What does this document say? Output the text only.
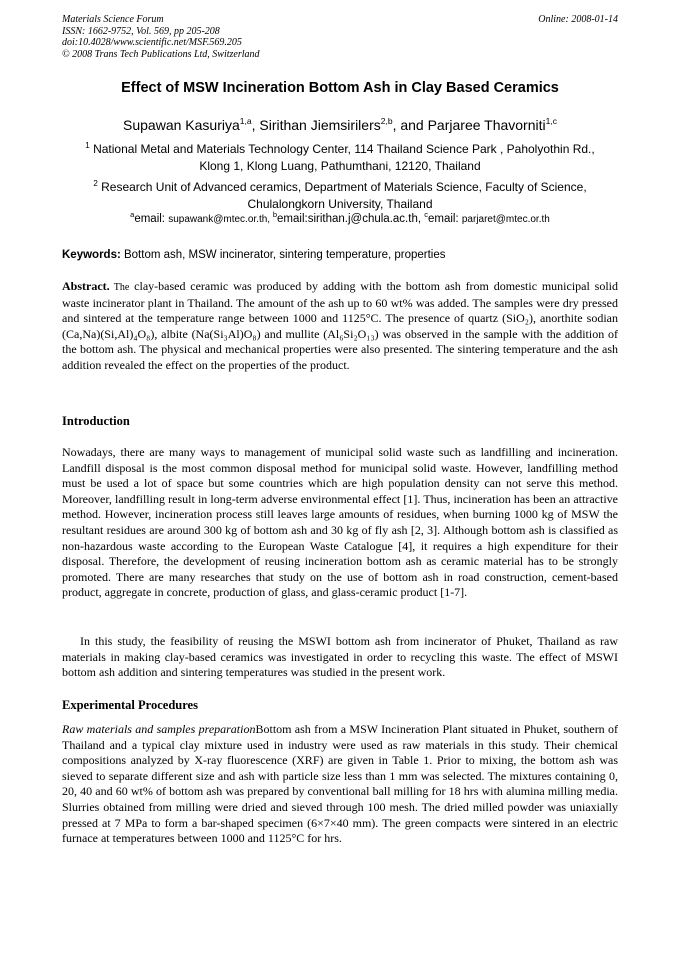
Materials Science Forum
ISSN: 1662-9752, Vol. 569, pp 205-208
doi:10.4028/www.scientific.net/MSF.569.205
© 2008 Trans Tech Publications Ltd, Switzerland
Online: 2008-01-14
Effect of MSW Incineration Bottom Ash in Clay Based Ceramics
Supawan Kasuriya$^{1,a}$, Sirithan Jiemsirilers$^{2,b}$, and Parjaree Thavorniti$^{1,c}$
$^1$ National Metal and Materials Technology Center, 114 Thailand Science Park , Paholyothin Rd.,
Klong 1, Klong Luang, Pathumthani, 12120, Thailand
$^2$ Research Unit of Advanced ceramics, Department of Materials Science, Faculty of Science,
Chulalongkorn University, Thailand
$^a$email: supawank@mtec.or.th, $^b$email:sirithan.j@chula.ac.th, $^c$email: parjaret@mtec.or.th
Keywords: Bottom ash, MSW incinerator, sintering temperature, properties
Abstract. The clay-based ceramic was produced by adding with the bottom ash from domestic municipal solid waste incinerator plant in Thailand. The amount of the ash up to 60 wt% was added. The samples were dry pressed and sintered at the temperature range between 1000 and 1125°C. The presence of quartz (SiO₂), anorthite sodian (Ca,Na)(Si,Al)₄O₈), albite (Na(Si₃Al)O₈) and mullite (Al₆Si₂O₁₃) was observed in the sample with the addition of the bottom ash. The physical and mechanical properties were also presented. The sintering temperature and the ash addition revealed the effect on the properties of the product.
Introduction
Nowadays, there are many ways to management of municipal solid waste such as landfilling and incineration. Landfill disposal is the most common disposal method for municipal solid waste. However, landfilling method must be used a lot of space but some countries which are high population density can not serve this method. Moreover, landfilling result in long-term adverse environmental effect [1]. Thus, incineration has been an attractive method. However, incineration process still leaves large amounts of residues, when burning 1000 kg of MSW the resultant residues are around 300 kg of bottom ash and 30 kg of fly ash [2, 3]. Although bottom ash is classified as non-hazardous waste according to the European Waste Catalogue [4], it requires a high expenditure for their disposal. Therefore, the development of reusing incineration bottom ash as ceramic material has to be strongly promoted. There are many researches that study on the use of bottom ash in road construction, cement-based product, aggregate in concrete, production of glass, and glass-ceramic product [1-7].
In this study, the feasibility of reusing the MSWI bottom ash from incinerator of Phuket, Thailand as raw materials in making clay-based ceramics was investigated in order to recycling this waste. The effect of MSWI bottom ash addition and sintering temperatures was studied in the present work.
Experimental Procedures
Raw materials and samples preparationBottom ash from a MSW Incineration Plant situated in Phuket, southern of Thailand and a typical clay mixture used in industry were used as raw materials in this study. Their chemical compositions analyzed by X-ray fluorescence (XRF) are given in Table 1. Prior to mixing, the bottom ash was sieved to separate different size and ash with particle size less than 1 mm was selected. The mixtures containing 0, 20, 40 and 60 wt% of bottom ash was prepared by conventional ball milling for 18 hrs with alumina milling media. Slurries obtained from milling were dried and sieved through 100 mesh. The dried milled powder was uniaxially pressed at 7 MPa to form a bar-shaped specimen (6×7×40 mm). The green compacts were sintered in an electric furnace at temperatures between 1000 and 1125°C for hrs.
